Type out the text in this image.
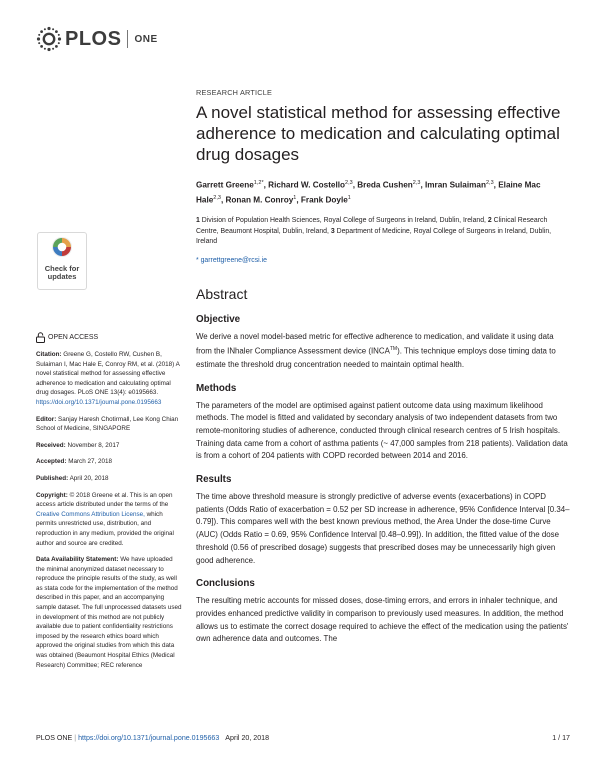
PLOS ONE
Check for
updates
OPEN ACCESS

Citation: Greene G, Costello RW, Cushen B, Sulaiman I, Mac Hale E, Conroy RM, et al. (2018) A novel statistical method for assessing effective adherence to medication and calculating optimal drug dosages. PLoS ONE 13(4): e0195663. https://doi.org/10.1371/journal.pone.0195663

Editor: Sanjay Haresh Chotirmall, Lee Kong Chian School of Medicine, SINGAPORE

Received: November 8, 2017

Accepted: March 27, 2018

Published: April 20, 2018

Copyright: © 2018 Greene et al. This is an open access article distributed under the terms of the Creative Commons Attribution License, which permits unrestricted use, distribution, and reproduction in any medium, provided the original author and source are credited.

Data Availability Statement: We have uploaded the minimal anonymized dataset necessary to reproduce the principle results of the study, as well as stata code for the implementation of the method described in this paper, and an accompanying sample dataset. The full unprocessed datasets used in development of this method are not publicly available due to patient confidentiality restrictions imposed by the research ethics board which approved the original studies from which this data was obtained (Beaumont Hospital Ethics (Medical Research) Committee; REC reference

RESEARCH ARTICLE
A novel statistical method for assessing effective adherence to medication and calculating optimal drug dosages
Garrett Greene$^{1,2*}$, Richard W. Costello$^{2,3}$, Breda Cushen$^{2,3}$, Imran Sulaiman$^{2,3}$, Elaine Mac Hale$^{2,3}$, Ronan M. Conroy$^1$, Frank Doyle$^1$
1 Division of Population Health Sciences, Royal College of Surgeons in Ireland, Dublin, Ireland, 2 Clinical Research Centre, Beaumont Hospital, Dublin, Ireland, 3 Department of Medicine, Royal College of Surgeons in Ireland, Dublin, Ireland
* garrettgreene@rcsi.ie
Abstract
Objective

We derive a novel model-based metric for effective adherence to medication, and validate it using data from the INhaler Compliance Assessment device (INCA™). This technique employs dose timing data to estimate the threshold drug concentration needed to maintain optimal health.

Methods

The parameters of the model are optimised against patient outcome data using maximum likelihood methods. The model is fitted and validated by secondary analysis of two independent datasets from two remote-monitoring studies of adherence, conducted through clinical research centres of 5 Irish hospitals. Training data came from a cohort of asthma patients (~ 47,000 samples from 218 patients). Validation data is from a cohort of 204 patients with COPD recorded between 2014 and 2016.

Results

The time above threshold measure is strongly predictive of adverse events (exacerbations) in COPD patients (Odds Ratio of exacerbation = 0.52 per SD increase in adherence, 95% Confidence Interval [0.34–0.79]). This compares well with the best known previous method, the Area Under the dose-time Curve (AUC) (Odds Ratio = 0.69, 95% Confidence Interval [0.48–0.99]). In addition, the fitted value of the dose threshold (0.56 of prescribed dosage) suggests that prescribed doses may be unnecessarily high given good adherence.

Conclusions

The resulting metric accounts for missed doses, dose-timing errors, and errors in inhaler technique, and provides enhanced predictive validity in comparison to previously used measures. In addition, the method allows us to estimate the correct dosage required to achieve the effect of the medication using the patients' own adherence data and outcomes. The

PLOS ONE | https://doi.org/10.1371/journal.pone.0195663 April 20, 2018	1 / 17
